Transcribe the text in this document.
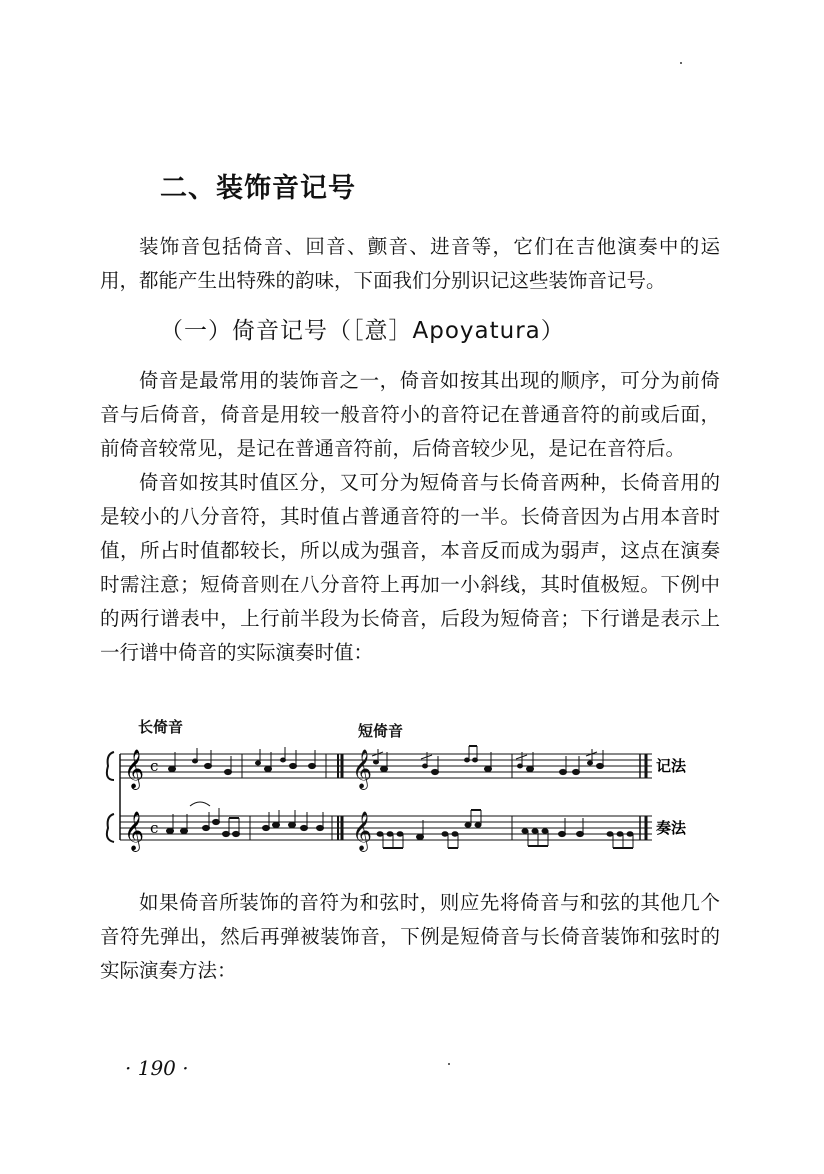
二、装饰音记号

装饰音包括倚音、回音、颤音、进音等，它们在吉他演奏中的运用，都能产生出特殊的韵味，下面我们分别识记这些装饰音记号。

（一）倚音记号（［意］Apoyatura）

倚音是最常用的装饰音之一，倚音如按其出现的顺序，可分为前倚音与后倚音，倚音是用较一般音符小的音符记在普通音符的前或后面，前倚音较常见，是记在普通音符前，后倚音较少见，是记在音符后。

倚音如按其时值区分，又可分为短倚音与长倚音两种，长倚音用的是较小的八分音符，其时值占普通音符的一半。长倚音因为占用本音时值，所占时值都较长，所以成为强音，本音反而成为弱声，这点在演奏时需注意；短倚音则在八分音符上再加一小斜线，其时值极短。下例中的两行谱表中，上行前半段为长倚音，后段为短倚音；下行谱是表示上一行谱中倚音的实际演奏时值：

长倚音	短倚音
𝄞
𝄞
c
c
𝄞
𝄞
记法
奏法

如果倚音所装饰的音符为和弦时，则应先将倚音与和弦的其他几个音符先弹出，然后再弹被装饰音，下例是短倚音与长倚音装饰和弦时的实际演奏方法：

· 190 ·
